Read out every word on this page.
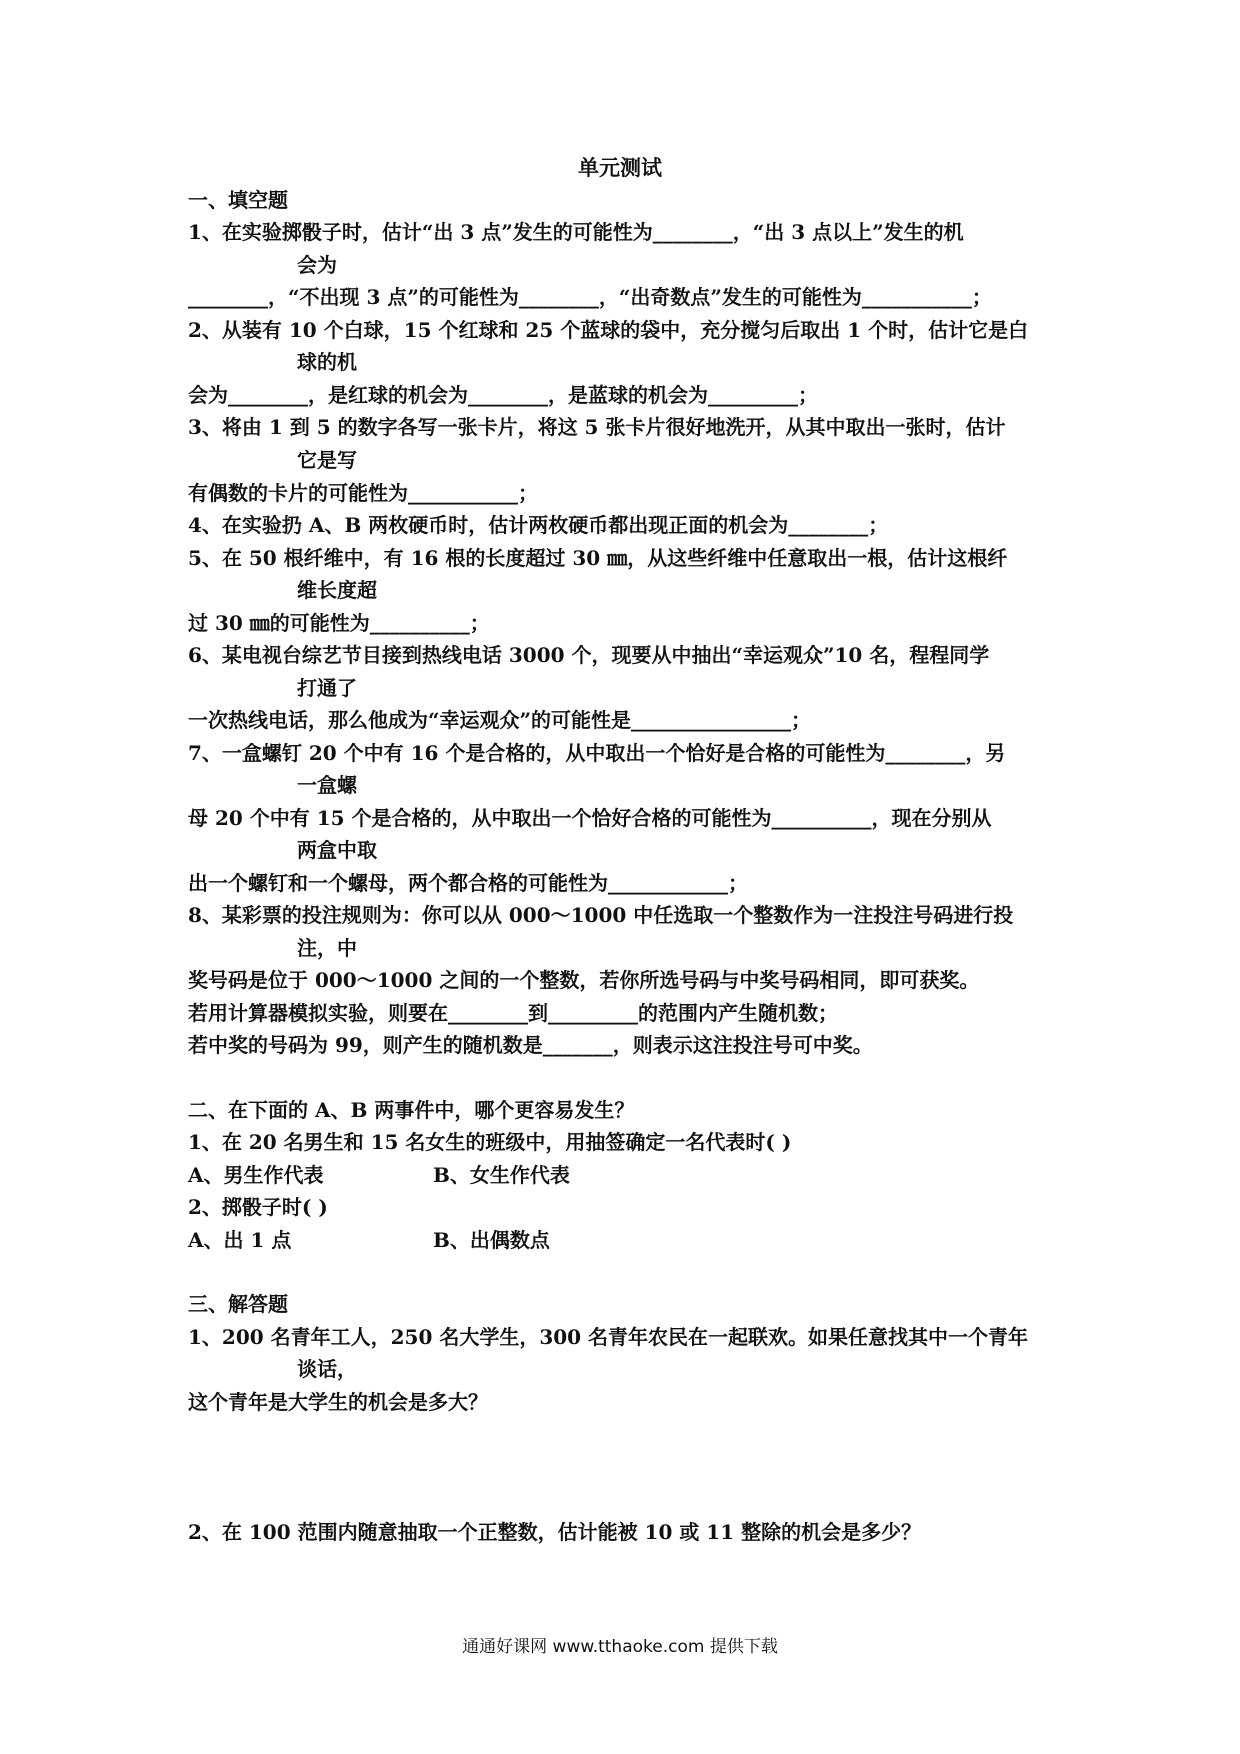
单元测试
一、填空题
1、在实验掷骰子时，估计“出 3 点”发生的可能性为________，“出 3 点以上”发生的机
会为
________，“不出现 3 点”的可能性为________，“出奇数点”发生的可能性为___________；
2、从装有 10 个白球，15 个红球和 25 个蓝球的袋中，充分搅匀后取出 1 个时，估计它是白
球的机
会为________，是红球的机会为________，是蓝球的机会为_________；
3、将由 1 到 5 的数字各写一张卡片，将这 5 张卡片很好地洗开，从其中取出一张时，估计
它是写
有偶数的卡片的可能性为___________；
4、在实验扔 A、B 两枚硬币时，估计两枚硬币都出现正面的机会为________；
5、在 50 根纤维中，有 16 根的长度超过 30 ㎜，从这些纤维中任意取出一根，估计这根纤
维长度超
过 30 ㎜的可能性为__________；
6、某电视台综艺节目接到热线电话 3000 个，现要从中抽出“幸运观众”10 名，程程同学
打通了
一次热线电话，那么他成为“幸运观众”的可能性是________________；
7、一盒螺钉 20 个中有 16 个是合格的，从中取出一个恰好是合格的可能性为________，另
一盒螺
母 20 个中有 15 个是合格的，从中取出一个恰好合格的可能性为__________，现在分别从
两盒中取
出一个螺钉和一个螺母，两个都合格的可能性为____________；
8、某彩票的投注规则为：你可以从 000～1000 中任选取一个整数作为一注投注号码进行投
注，中
奖号码是位于 000～1000 之间的一个整数，若你所选号码与中奖号码相同，即可获奖。
若用计算器模拟实验，则要在________到_________的范围内产生随机数；
若中奖的号码为 99，则产生的随机数是_______，则表示这注投注号可中奖。
二、在下面的 A、B 两事件中，哪个更容易发生？
1、在 20 名男生和 15 名女生的班级中，用抽签确定一名代表时( )
A、男生作代表	B、女生作代表
2、掷骰子时( )
A、出 1 点	B、出偶数点
三、解答题
1、200 名青年工人，250 名大学生，300 名青年农民在一起联欢。如果任意找其中一个青年
谈话，
这个青年是大学生的机会是多大？
2、在 100 范围内随意抽取一个正整数，估计能被 10 或 11 整除的机会是多少？
通通好课网 www.tthaoke.com 提供下载
